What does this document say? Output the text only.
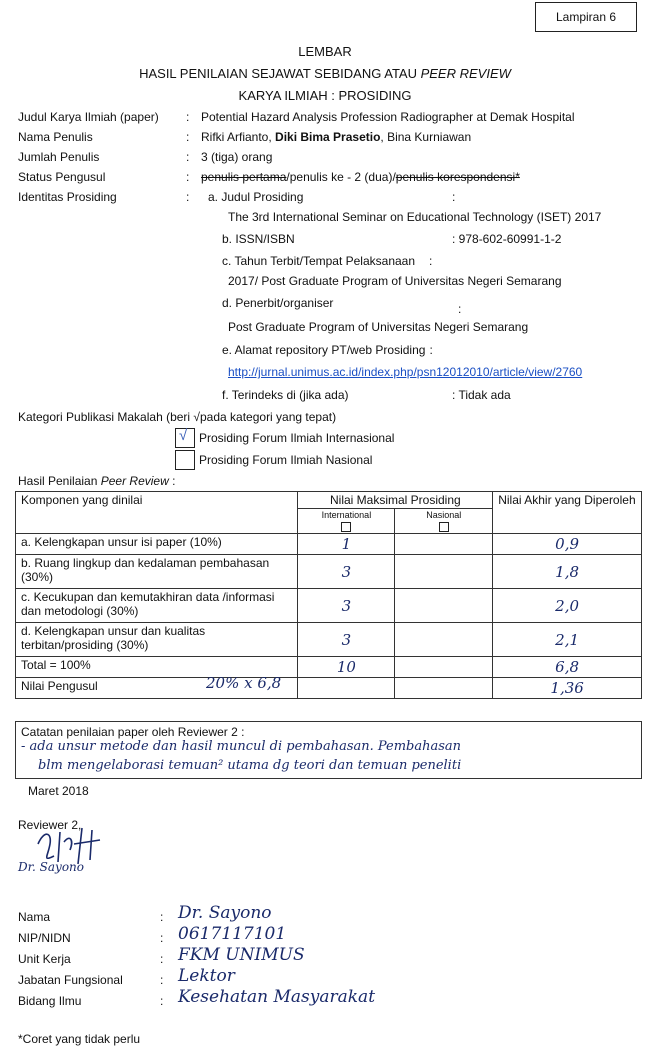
Lampiran 6
LEMBAR
HASIL PENILAIAN SEJAWAT SEBIDANG ATAU PEER REVIEW
KARYA ILMIAH : PROSIDING
Judul Karya Ilmiah (paper) : Potential Hazard Analysis Profession Radiographer at Demak Hospital
Nama Penulis	: Rifki Arfianto, Diki Bima Prasetio, Bina Kurniawan
Jumlah Penulis	: 3 (tiga) orang
Status Pengusul	: penulis pertama/penulis ke - 2 (dua)/penulis korespondensi*
Identitas Prosiding	: a. Judul Prosiding	:
The 3rd International Seminar on Educational Technology (ISET) 2017
b. ISSN/ISBN	: 978-602-60991-1-2
c. Tahun Terbit/Tempat Pelaksanaan :
2017/ Post Graduate Program of Universitas Negeri Semarang
d. Penerbit/organiser	:
Post Graduate Program of Universitas Negeri Semarang
e. Alamat repository PT/web Prosiding :
http://jurnal.unimus.ac.id/index.php/psn12012010/article/view/2760
f. Terindeks di (jika ada)	: Tidak ada
Kategori Publikasi Makalah (beri √pada kategori yang tepat)
√ Prosiding Forum Ilmiah Internasional
Prosiding Forum Ilmiah Nasional
Hasil Penilaian Peer Review :
Komponen yang dinilai	Nilai Maksimal Prosiding		Nilai Akhir yang Diperoleh
	International	Nasional	

a. Kelengkapan unsur isi paper (10%)	1		0,9
b. Ruang lingkup dan kedalaman pembahasan (30%)	3		1,8
c. Kecukupan dan kemutakhiran data /informasi dan metodologi (30%)	3		2,0
d. Kelengkapan unsur dan kualitas terbitan/prosiding (30%)	3		2,1
Total = 100%	10		6,8
Nilai Pengusul 20% x 6,8			1,36
Catatan penilaian paper oleh Reviewer 2 :
- ada unsur metode dan hasil muncul di pembahasan. Pembahasan
blm mengelaborasi temuan² utama dg teori dan temuan peneliti
Maret 2018
Reviewer 2,
Dr. Sayono
Nama	: Dr. Sayono
NIP/NIDN	: 0617117101
Unit Kerja	: FKM UNIMUS
Jabatan Fungsional	: Lektor
Bidang Ilmu	: Kesehatan Masyarakat
*Coret yang tidak perlu
